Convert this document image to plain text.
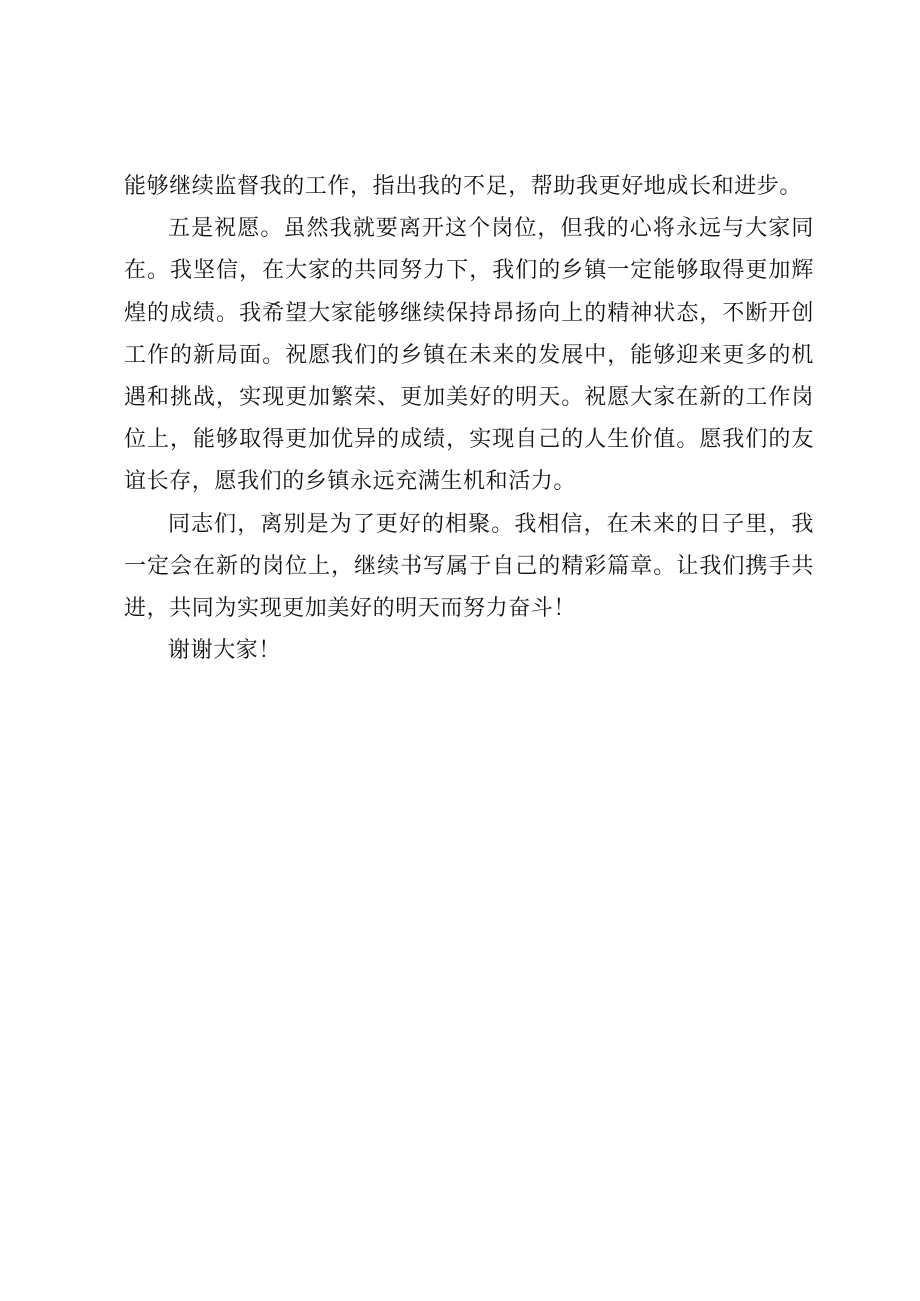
能够继续监督我的工作，指出我的不足，帮助我更好地成长和进步。

五是祝愿。虽然我就要离开这个岗位，但我的心将永远与大家同在。我坚信，在大家的共同努力下，我们的乡镇一定能够取得更加辉煌的成绩。我希望大家能够继续保持昂扬向上的精神状态，不断开创工作的新局面。祝愿我们的乡镇在未来的发展中，能够迎来更多的机遇和挑战，实现更加繁荣、更加美好的明天。祝愿大家在新的工作岗位上，能够取得更加优异的成绩，实现自己的人生价值。愿我们的友谊长存，愿我们的乡镇永远充满生机和活力。

同志们，离别是为了更好的相聚。我相信，在未来的日子里，我一定会在新的岗位上，继续书写属于自己的精彩篇章。让我们携手共进，共同为实现更加美好的明天而努力奋斗！

谢谢大家！
